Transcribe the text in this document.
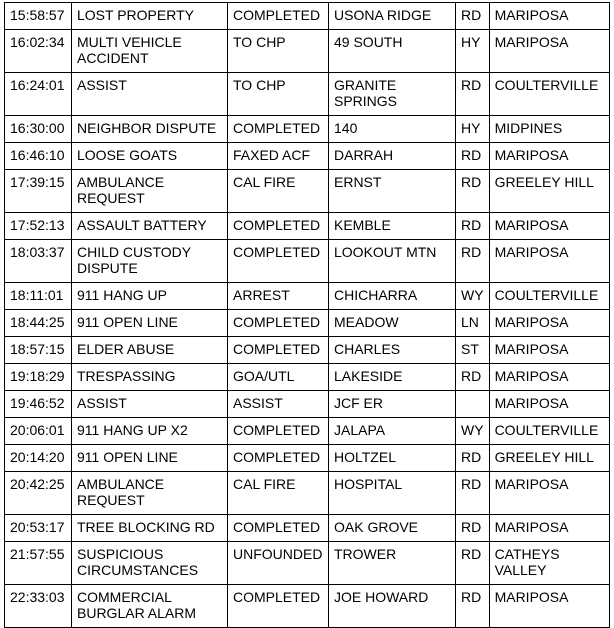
15:58:57	LOST PROPERTY	COMPLETED	USONA RIDGE	RD	MARIPOSA
16:02:34	MULTI VEHICLE ACCIDENT	TO CHP	49 SOUTH	HY	MARIPOSA
16:24:01	ASSIST	TO CHP	GRANITE SPRINGS	RD	COULTERVILLE
16:30:00	NEIGHBOR DISPUTE	COMPLETED	140	HY	MIDPINES
16:46:10	LOOSE GOATS	FAXED ACF	DARRAH	RD	MARIPOSA
17:39:15	AMBULANCE REQUEST	CAL FIRE	ERNST	RD	GREELEY HILL
17:52:13	ASSAULT BATTERY	COMPLETED	KEMBLE	RD	MARIPOSA
18:03:37	CHILD CUSTODY DISPUTE	COMPLETED	LOOKOUT MTN	RD	MARIPOSA
18:11:01	911 HANG UP	ARREST	CHICHARRA	WY	COULTERVILLE
18:44:25	911 OPEN LINE	COMPLETED	MEADOW	LN	MARIPOSA
18:57:15	ELDER ABUSE	COMPLETED	CHARLES	ST	MARIPOSA
19:18:29	TRESPASSING	GOA/UTL	LAKESIDE	RD	MARIPOSA
19:46:52	ASSIST	ASSIST	JCF ER		MARIPOSA
20:06:01	911 HANG UP X2	COMPLETED	JALAPA	WY	COULTERVILLE
20:14:20	911 OPEN LINE	COMPLETED	HOLTZEL	RD	GREELEY HILL
20:42:25	AMBULANCE REQUEST	CAL FIRE	HOSPITAL	RD	MARIPOSA
20:53:17	TREE BLOCKING RD	COMPLETED	OAK GROVE	RD	MARIPOSA
21:57:55	SUSPICIOUS CIRCUMSTANCES	UNFOUNDED	TROWER	RD	CATHEYS VALLEY
22:33:03	COMMERCIAL BURGLAR ALARM	COMPLETED	JOE HOWARD	RD	MARIPOSA
